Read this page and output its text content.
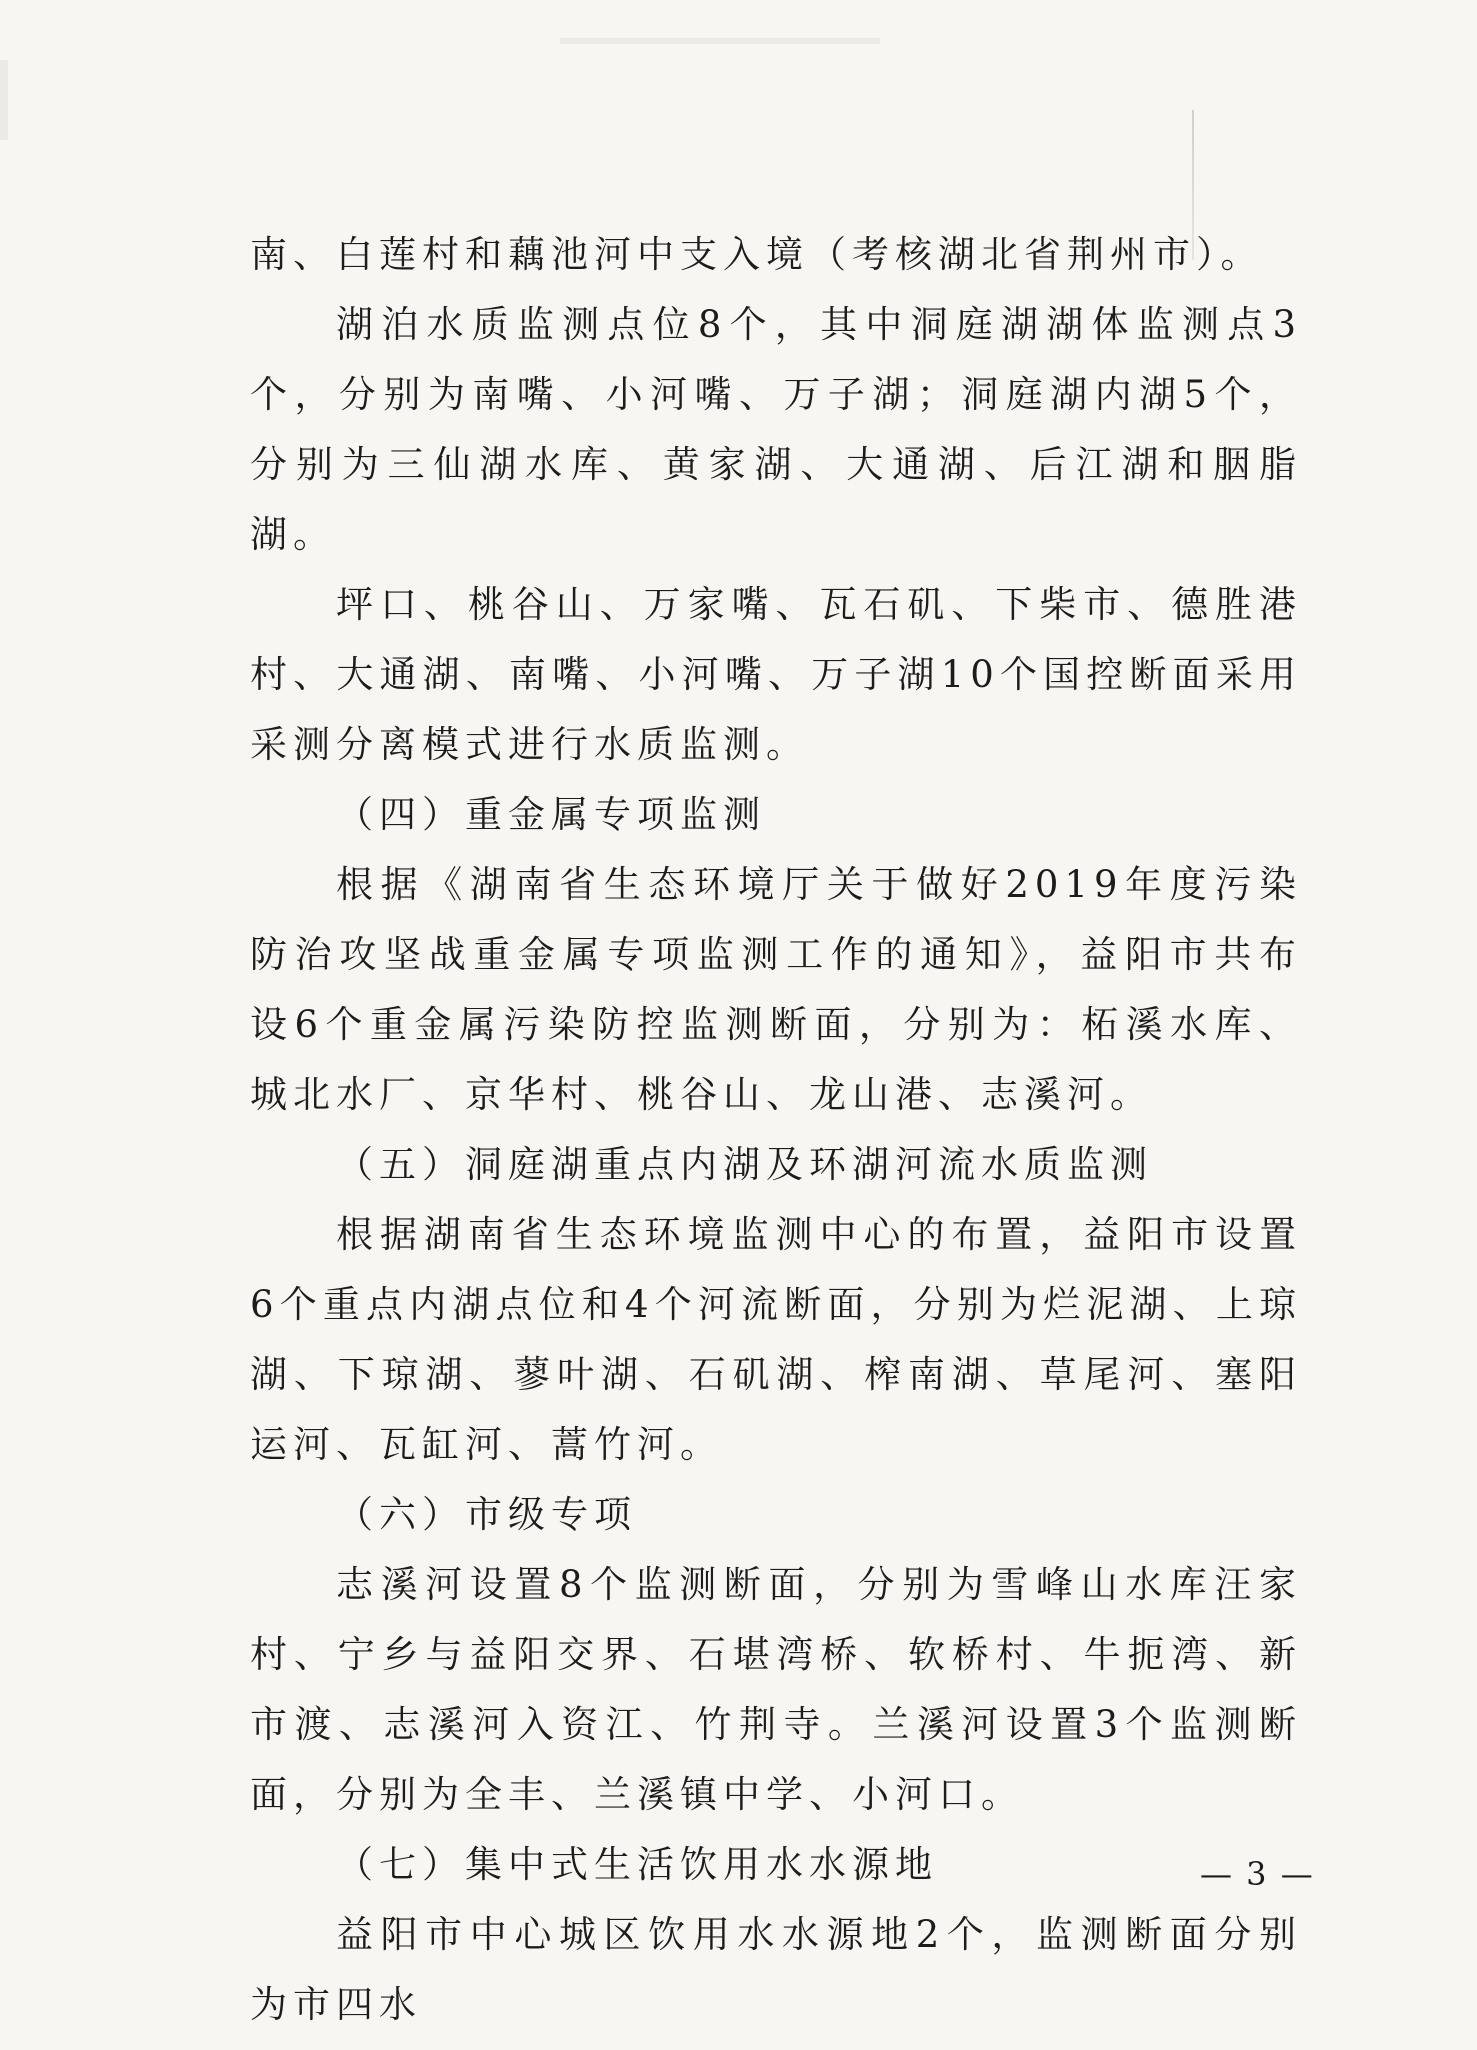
南、白莲村和藕池河中支入境（考核湖北省荆州市）。

湖泊水质监测点位8个，其中洞庭湖湖体监测点3个，分别为南嘴、小河嘴、万子湖；洞庭湖内湖5个，分别为三仙湖水库、黄家湖、大通湖、后江湖和胭脂湖。

坪口、桃谷山、万家嘴、瓦石矶、下柴市、德胜港村、大通湖、南嘴、小河嘴、万子湖10个国控断面采用采测分离模式进行水质监测。

（四）重金属专项监测

根据《湖南省生态环境厅关于做好2019年度污染防治攻坚战重金属专项监测工作的通知》，益阳市共布设6个重金属污染防控监测断面，分别为：柘溪水库、城北水厂、京华村、桃谷山、龙山港、志溪河。

（五）洞庭湖重点内湖及环湖河流水质监测

根据湖南省生态环境监测中心的布置，益阳市设置6个重点内湖点位和4个河流断面，分别为烂泥湖、上琼湖、下琼湖、蓼叶湖、石矶湖、榨南湖、草尾河、塞阳运河、瓦缸河、蒿竹河。

（六）市级专项

志溪河设置8个监测断面，分别为雪峰山水库汪家村、宁乡与益阳交界、石堪湾桥、软桥村、牛扼湾、新市渡、志溪河入资江、竹荆寺。兰溪河设置3个监测断面，分别为全丰、兰溪镇中学、小河口。

（七）集中式生活饮用水水源地

益阳市中心城区饮用水水源地2个，监测断面分别为市四水

— 3 —
